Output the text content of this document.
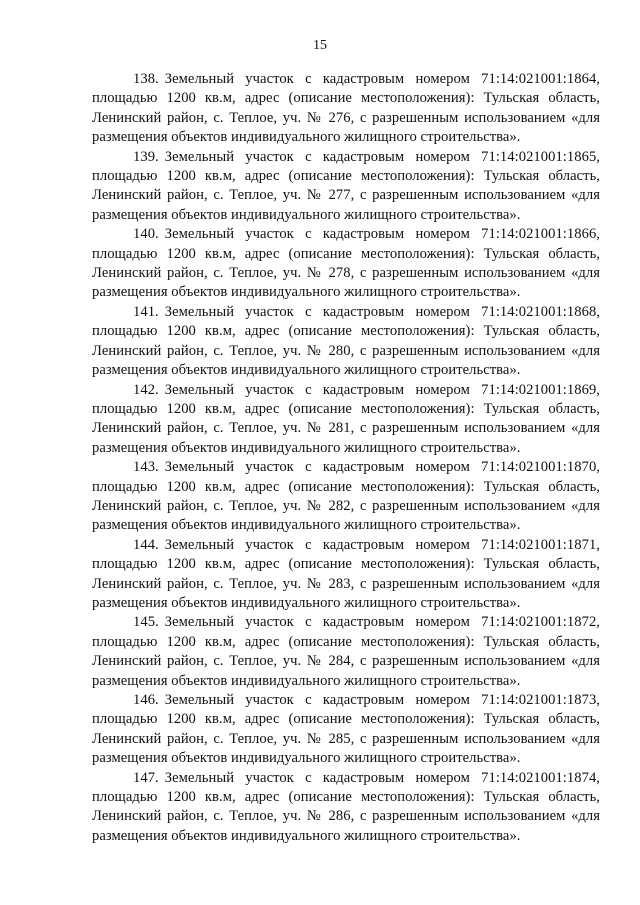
15

138. Земельный участок с кадастровым номером 71:14:021001:1864, площадью 1200 кв.м, адрес (описание местоположения): Тульская область, Ленинский район, с. Теплое, уч. № 276, с разрешенным использованием «для размещения объектов индивидуального жилищного строительства».

139. Земельный участок с кадастровым номером 71:14:021001:1865, площадью 1200 кв.м, адрес (описание местоположения): Тульская область, Ленинский район, с. Теплое, уч. № 277, с разрешенным использованием «для размещения объектов индивидуального жилищного строительства».

140. Земельный участок с кадастровым номером 71:14:021001:1866, площадью 1200 кв.м, адрес (описание местоположения): Тульская область, Ленинский район, с. Теплое, уч. № 278, с разрешенным использованием «для размещения объектов индивидуального жилищного строительства».

141. Земельный участок с кадастровым номером 71:14:021001:1868, площадью 1200 кв.м, адрес (описание местоположения): Тульская область, Ленинский район, с. Теплое, уч. № 280, с разрешенным использованием «для размещения объектов индивидуального жилищного строительства».

142. Земельный участок с кадастровым номером 71:14:021001:1869, площадью 1200 кв.м, адрес (описание местоположения): Тульская область, Ленинский район, с. Теплое, уч. № 281, с разрешенным использованием «для размещения объектов индивидуального жилищного строительства».

143. Земельный участок с кадастровым номером 71:14:021001:1870, площадью 1200 кв.м, адрес (описание местоположения): Тульская область, Ленинский район, с. Теплое, уч. № 282, с разрешенным использованием «для размещения объектов индивидуального жилищного строительства».

144. Земельный участок с кадастровым номером 71:14:021001:1871, площадью 1200 кв.м, адрес (описание местоположения): Тульская область, Ленинский район, с. Теплое, уч. № 283, с разрешенным использованием «для размещения объектов индивидуального жилищного строительства».

145. Земельный участок с кадастровым номером 71:14:021001:1872, площадью 1200 кв.м, адрес (описание местоположения): Тульская область, Ленинский район, с. Теплое, уч. № 284, с разрешенным использованием «для размещения объектов индивидуального жилищного строительства».

146. Земельный участок с кадастровым номером 71:14:021001:1873, площадью 1200 кв.м, адрес (описание местоположения): Тульская область, Ленинский район, с. Теплое, уч. № 285, с разрешенным использованием «для размещения объектов индивидуального жилищного строительства».

147. Земельный участок с кадастровым номером 71:14:021001:1874, площадью 1200 кв.м, адрес (описание местоположения): Тульская область, Ленинский район, с. Теплое, уч. № 286, с разрешенным использованием «для размещения объектов индивидуального жилищного строительства».
